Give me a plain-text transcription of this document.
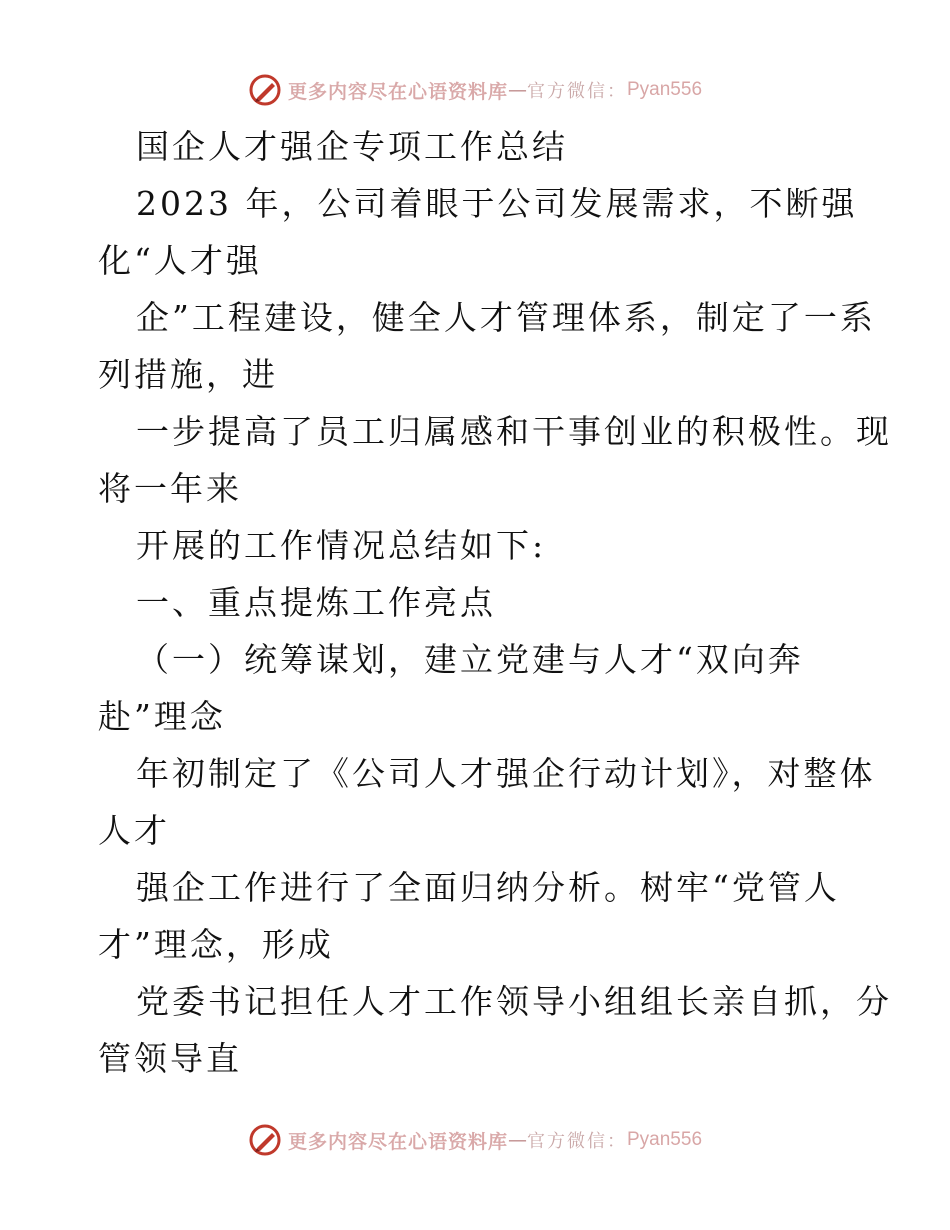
更多内容尽在心语资料库 — 官方微信： Pyan556
国企人才强企专项工作总结
2023 年，公司着眼于公司发展需求，不断强
化“人才强
企”工程建设，健全人才管理体系，制定了一系
列措施，进
一步提高了员工归属感和干事创业的积极性。现
将一年来
开展的工作情况总结如下:
一、重点提炼工作亮点
（一）统筹谋划，建立党建与人才“双向奔
赴”理念
年初制定了《公司人才强企行动计划》，对整体
人才
强企工作进行了全面归纳分析。树牢“党管人
才”理念，形成
党委书记担任人才工作领导小组组长亲自抓，分
管领导直
更多内容尽在心语资料库 — 官方微信： Pyan556
